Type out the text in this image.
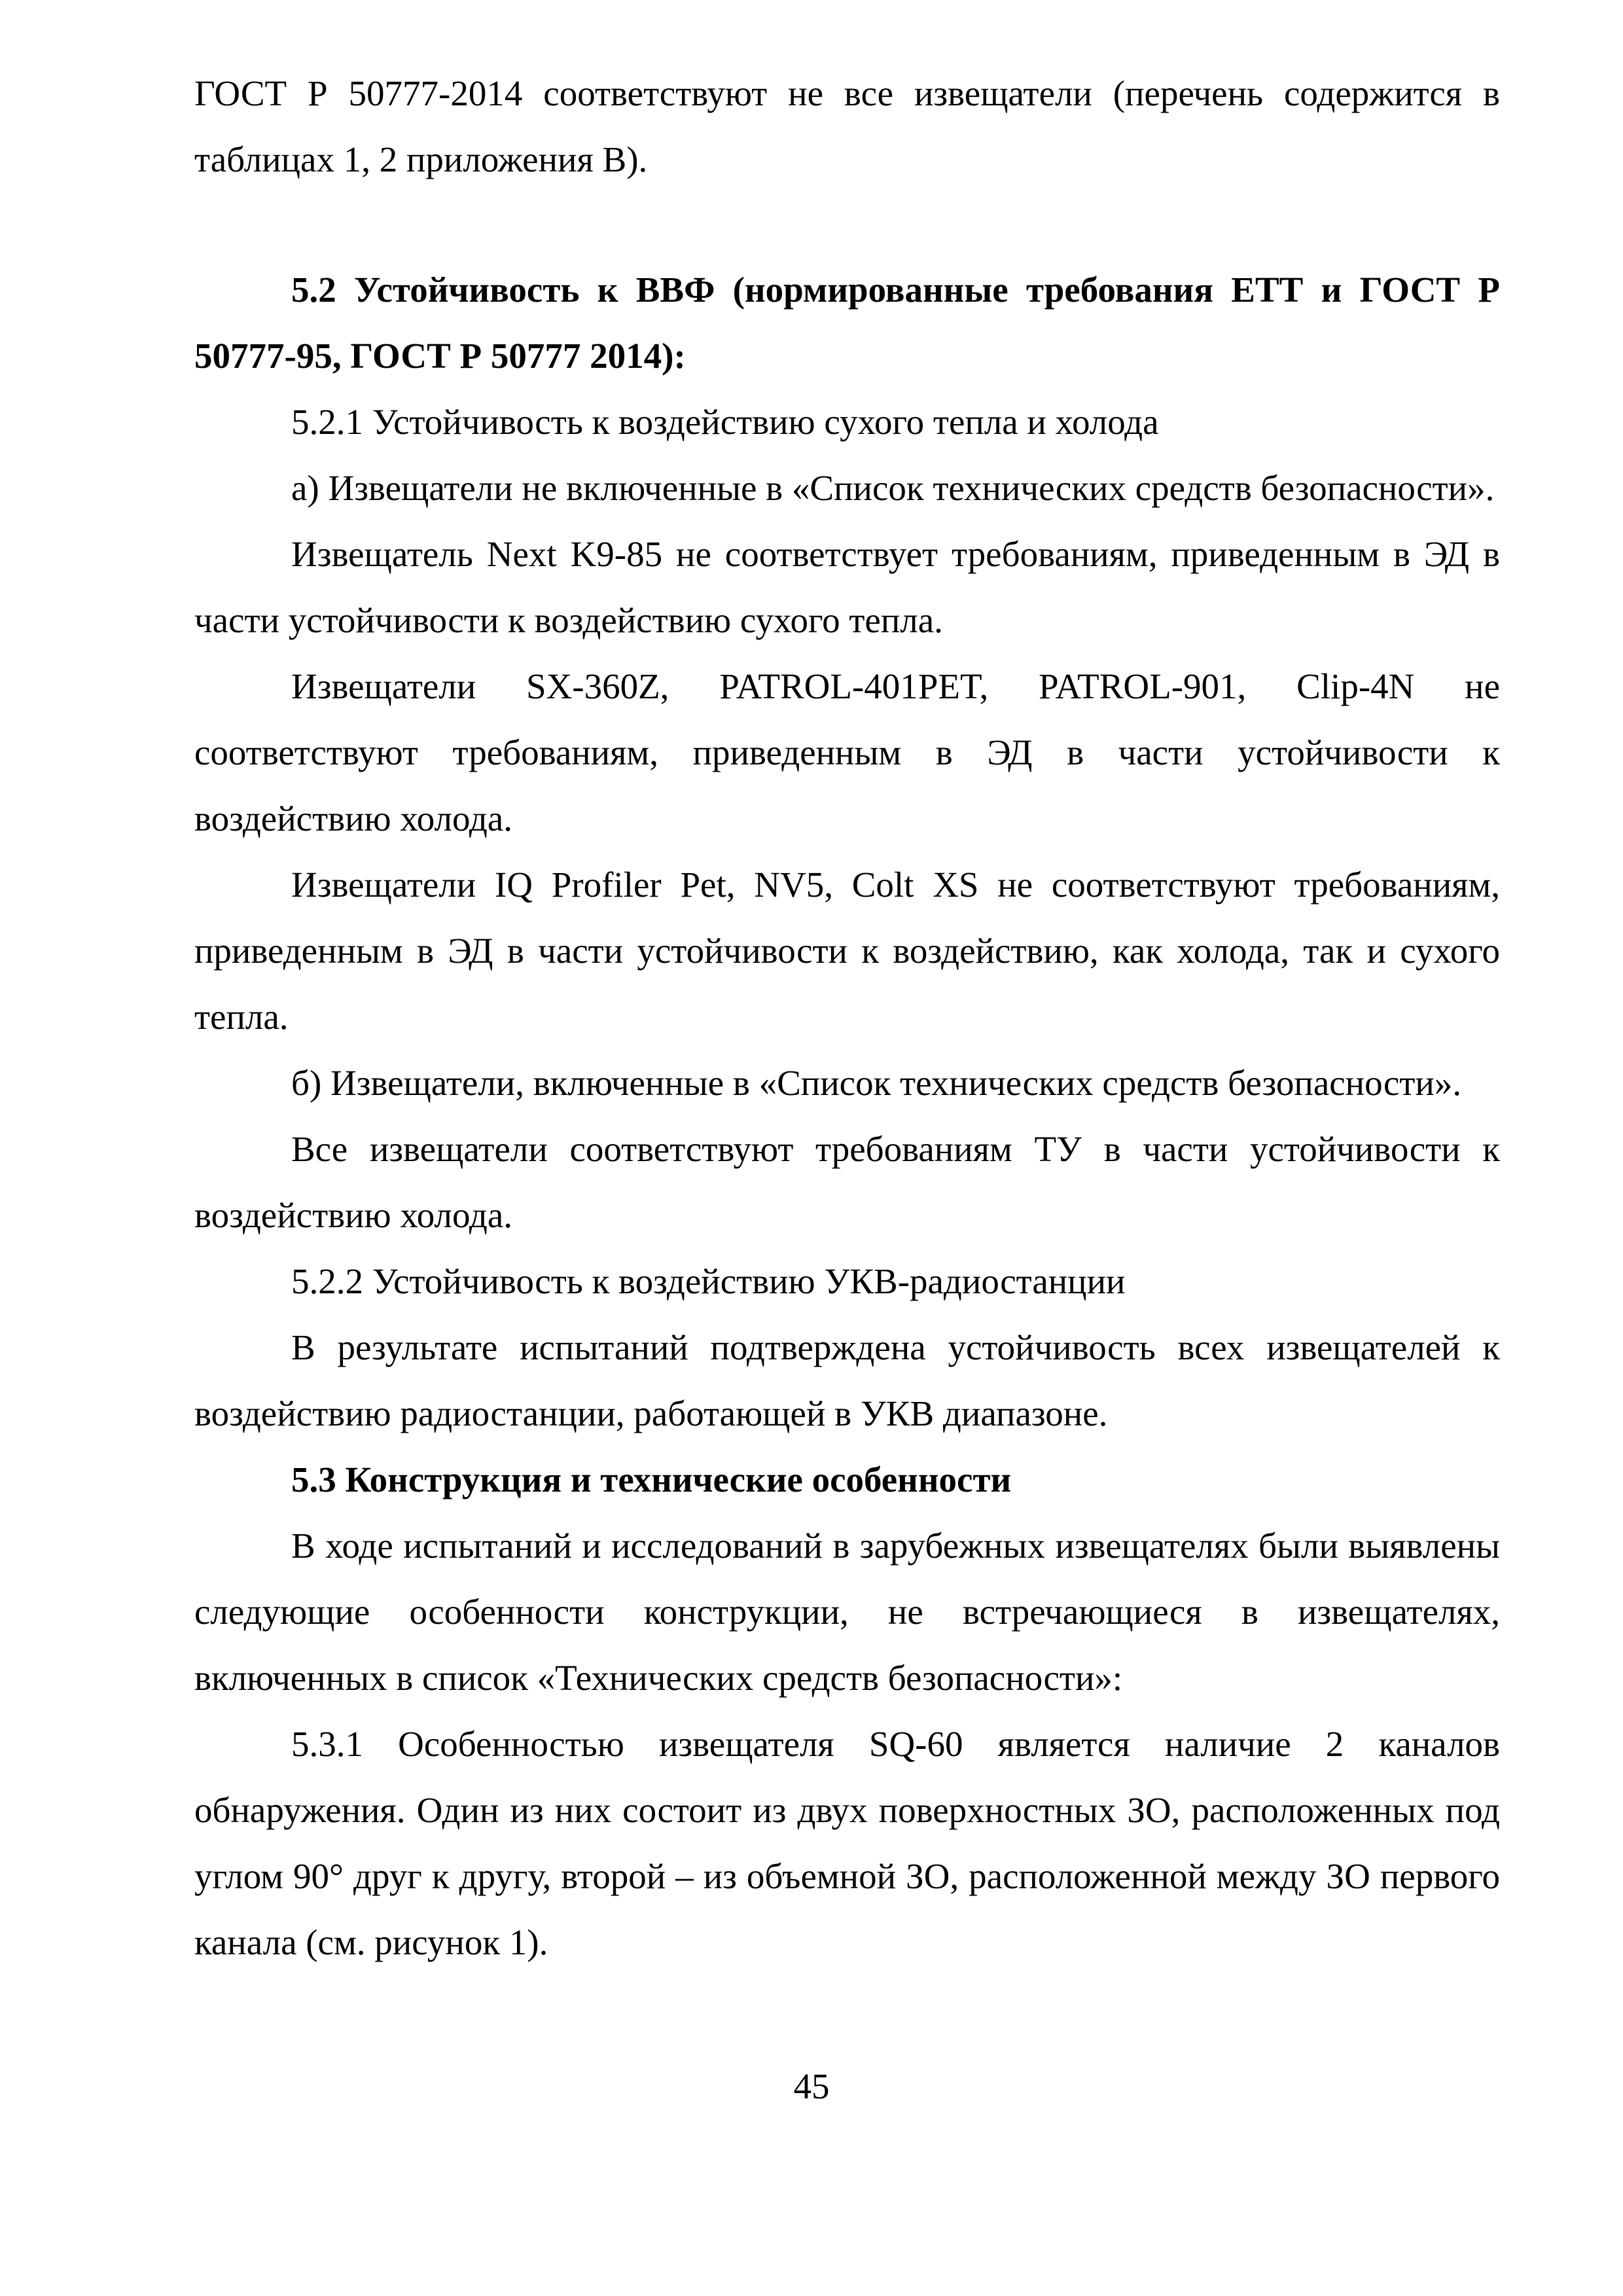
ГОСТ Р 50777-2014 соответствуют не все извещатели (перечень содержится в таблицах 1, 2 приложения В).

5.2 Устойчивость к ВВФ (нормированные требования ЕТТ и ГОСТ Р 50777-95, ГОСТ Р 50777 2014):

5.2.1 Устойчивость к воздействию сухого тепла и холода

а) Извещатели не включенные в «Список технических средств безопасности».

Извещатель Next K9-85 не соответствует требованиям, приведенным в ЭД в части устойчивости к воздействию сухого тепла.

Извещатели SX-360Z, PATROL-401PET, PATROL-901, Clip-4N не соответствуют требованиям, приведенным в ЭД в части устойчивости к воздействию холода.

Извещатели IQ Profiler Pet, NV5, Colt XS не соответствуют требованиям, приведенным в ЭД в части устойчивости к воздействию, как холода, так и сухого тепла.

б) Извещатели, включенные в «Список технических средств безопасности».

Все извещатели соответствуют требованиям ТУ в части устойчивости к воздействию холода.

5.2.2 Устойчивость к воздействию УКВ-радиостанции

В результате испытаний подтверждена устойчивость всех извещателей к воздействию радиостанции, работающей в УКВ диапазоне.

5.3 Конструкция и технические особенности

В ходе испытаний и исследований в зарубежных извещателях были выявлены следующие особенности конструкции, не встречающиеся в извещателях, включенных в список «Технических средств безопасности»:

5.3.1 Особенностью извещателя SQ-60 является наличие 2 каналов обнаружения. Один из них состоит из двух поверхностных ЗО, расположенных под углом 90° друг к другу, второй – из объемной ЗО, расположенной между ЗО первого канала (см. рисунок 1).

45
